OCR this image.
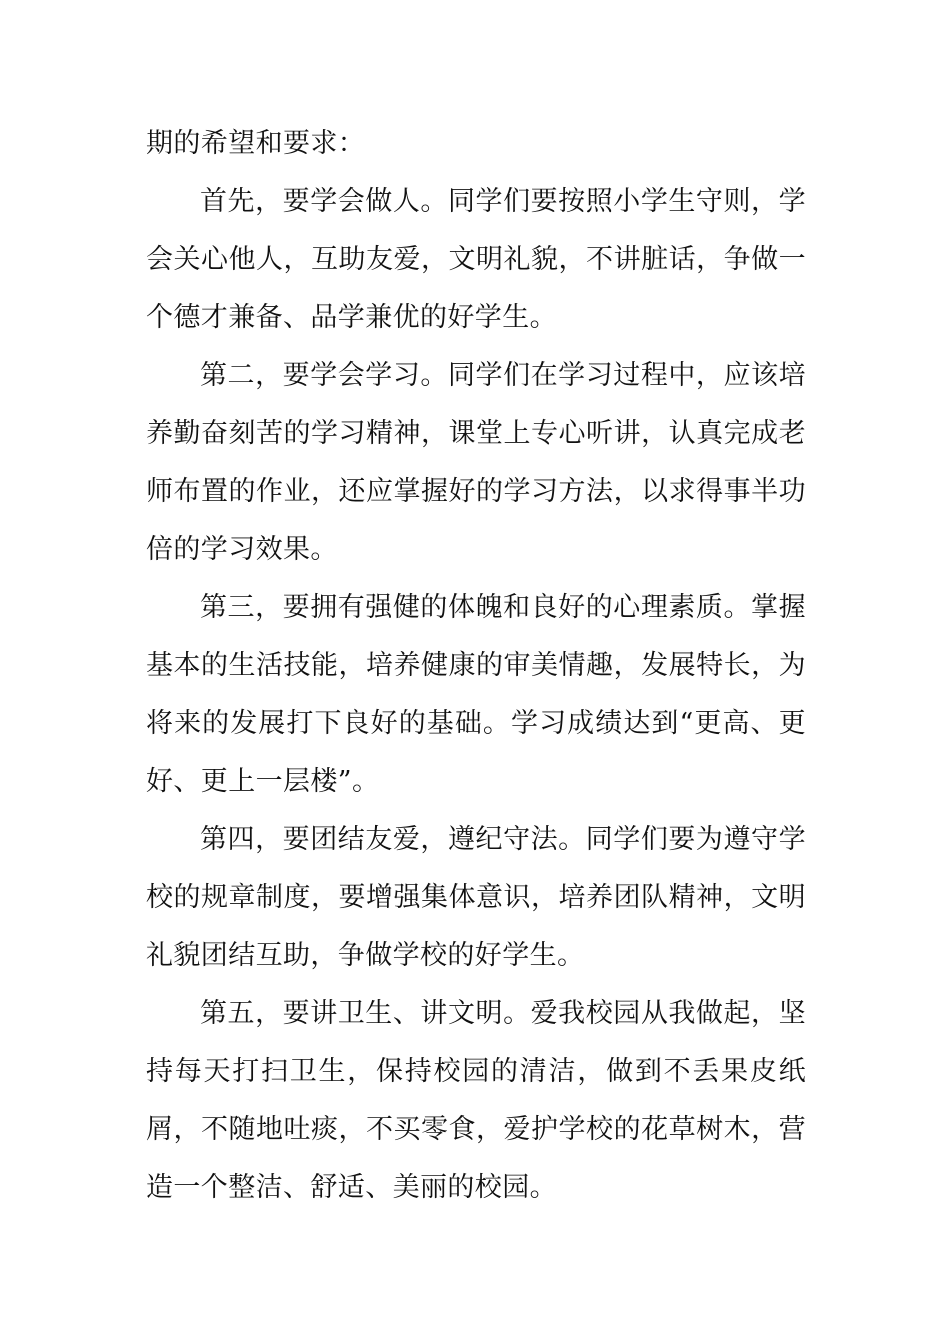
期的希望和要求：

首先，要学会做人。同学们要按照小学生守则，学会关心他人，互助友爱，文明礼貌，不讲脏话，争做一个德才兼备、品学兼优的好学生。

第二，要学会学习。同学们在学习过程中，应该培养勤奋刻苦的学习精神，课堂上专心听讲，认真完成老师布置的作业，还应掌握好的学习方法，以求得事半功倍的学习效果。

第三，要拥有强健的体魄和良好的心理素质。掌握基本的生活技能，培养健康的审美情趣，发展特长，为将来的发展打下良好的基础。学习成绩达到“更高、更好、更上一层楼”。

第四，要团结友爱，遵纪守法。同学们要为遵守学校的规章制度，要增强集体意识，培养团队精神，文明礼貌团结互助，争做学校的好学生。

第五，要讲卫生、讲文明。爱我校园从我做起，坚持每天打扫卫生，保持校园的清洁，做到不丢果皮纸屑，不随地吐痰，不买零食，爱护学校的花草树木，营造一个整洁、舒适、美丽的校园。
